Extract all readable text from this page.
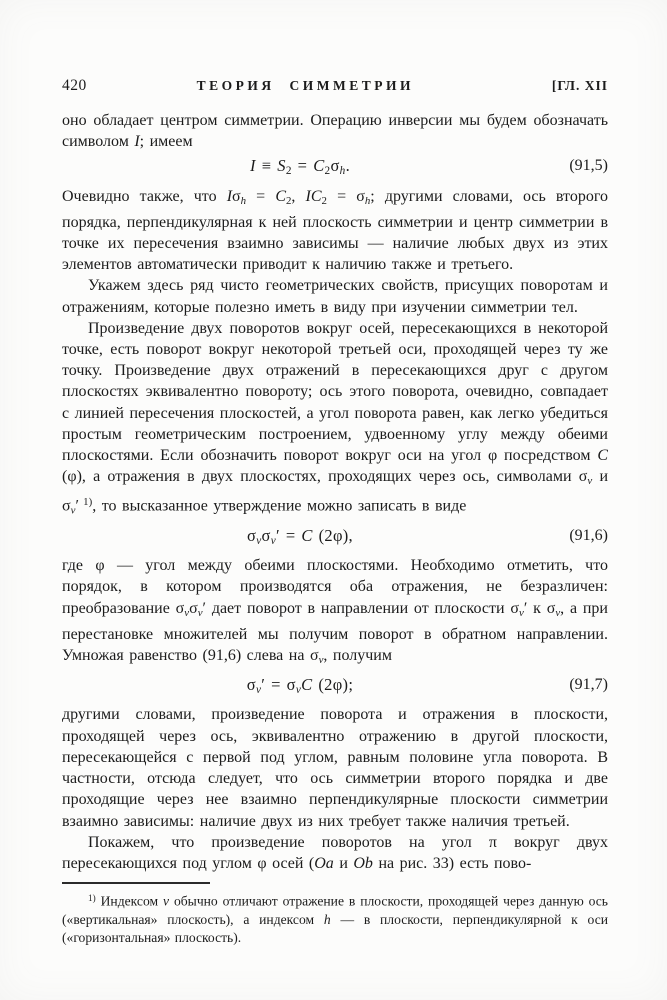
420	ТЕОРИЯ СИММЕТРИИ	[ГЛ. XII

оно обладает центром симметрии. Операцию инверсии мы будем обозначать символом I; имеем

I ≡ S2 = C2σh.	(91,5)

Очевидно также, что Iσh = C2, IC2 = σh; другими словами, ось второго порядка, перпендикулярная к ней плоскость симметрии и центр симметрии в точке их пересечения взаимно зависимы — наличие любых двух из этих элементов автоматически приводит к наличию также и третьего.

Укажем здесь ряд чисто геометрических свойств, присущих поворотам и отражениям, которые полезно иметь в виду при изучении симметрии тел.

Произведение двух поворотов вокруг осей, пересекающихся в некоторой точке, есть поворот вокруг некоторой третьей оси, проходящей через ту же точку. Произведение двух отражений в пересекающихся друг с другом плоскостях эквивалентно повороту; ось этого поворота, очевидно, совпадает с линией пересечения плоскостей, а угол поворота равен, как легко убедиться простым геометрическим построением, удвоенному углу между обеими плоскостями. Если обозначить поворот вокруг оси на угол φ посредством C (φ), а отражения в двух плоскостях, проходящих через ось, символами σv и σv′ $^{1)}$, то высказанное утверждение можно записать в виде

σvσv′ = C (2φ),	(91,6)

где φ — угол между обеими плоскостями. Необходимо отметить, что порядок, в котором производятся оба отражения, не безразличен: преобразование σvσv′ дает поворот в направлении от плоскости σv′ к σv, а при перестановке множителей мы получим поворот в обратном направлении. Умножая равенство (91,6) слева на σv, получим

σv′ = σvC (2φ);	(91,7)

другими словами, произведение поворота и отражения в плоскости, проходящей через ось, эквивалентно отражению в другой плоскости, пересекающейся с первой под углом, равным половине угла поворота. В частности, отсюда следует, что ось симметрии второго порядка и две проходящие через нее взаимно перпендикулярные плоскости симметрии взаимно зависимы: наличие двух из них требует также наличия третьей.

Покажем, что произведение поворотов на угол π вокруг двух пересекающихся под углом φ осей (Oa и Ob на рис. 33) есть пово-

$^{1)}$ Индексом v обычно отличают отражение в плоскости, проходящей через данную ось («вертикальная» плоскость), а индексом h — в плоскости, перпендикулярной к оси («горизонтальная» плоскость).
